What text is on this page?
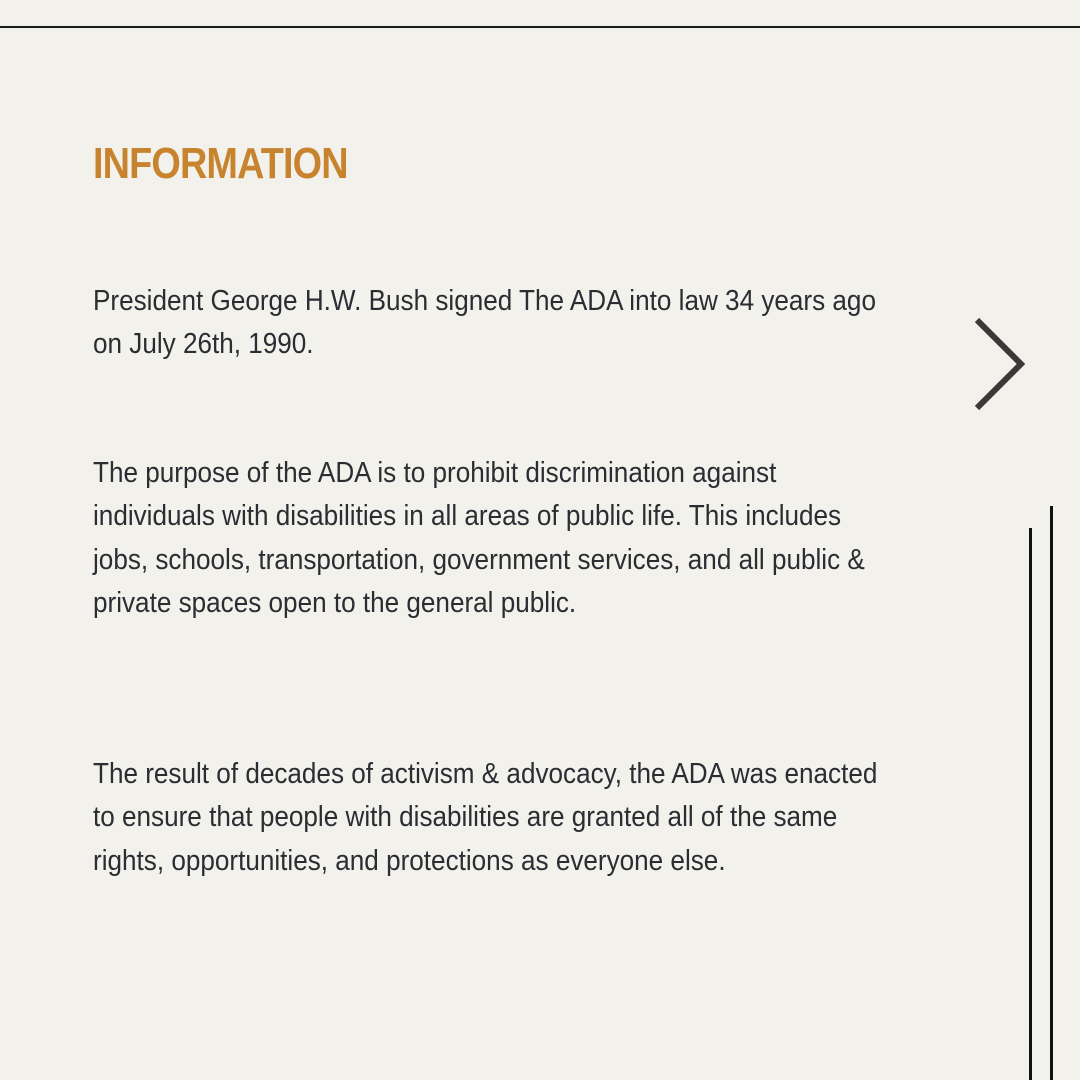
INFORMATION

President George H.W. Bush signed The ADA into law 34 years ago on July 26th, 1990.

The purpose of the ADA is to prohibit discrimination against individuals with disabilities in all areas of public life. This includes jobs, schools, transportation, government services, and all public & private spaces open to the general public.

The result of decades of activism & advocacy, the ADA was enacted to ensure that people with disabilities are granted all of the same rights, opportunities, and protections as everyone else.
